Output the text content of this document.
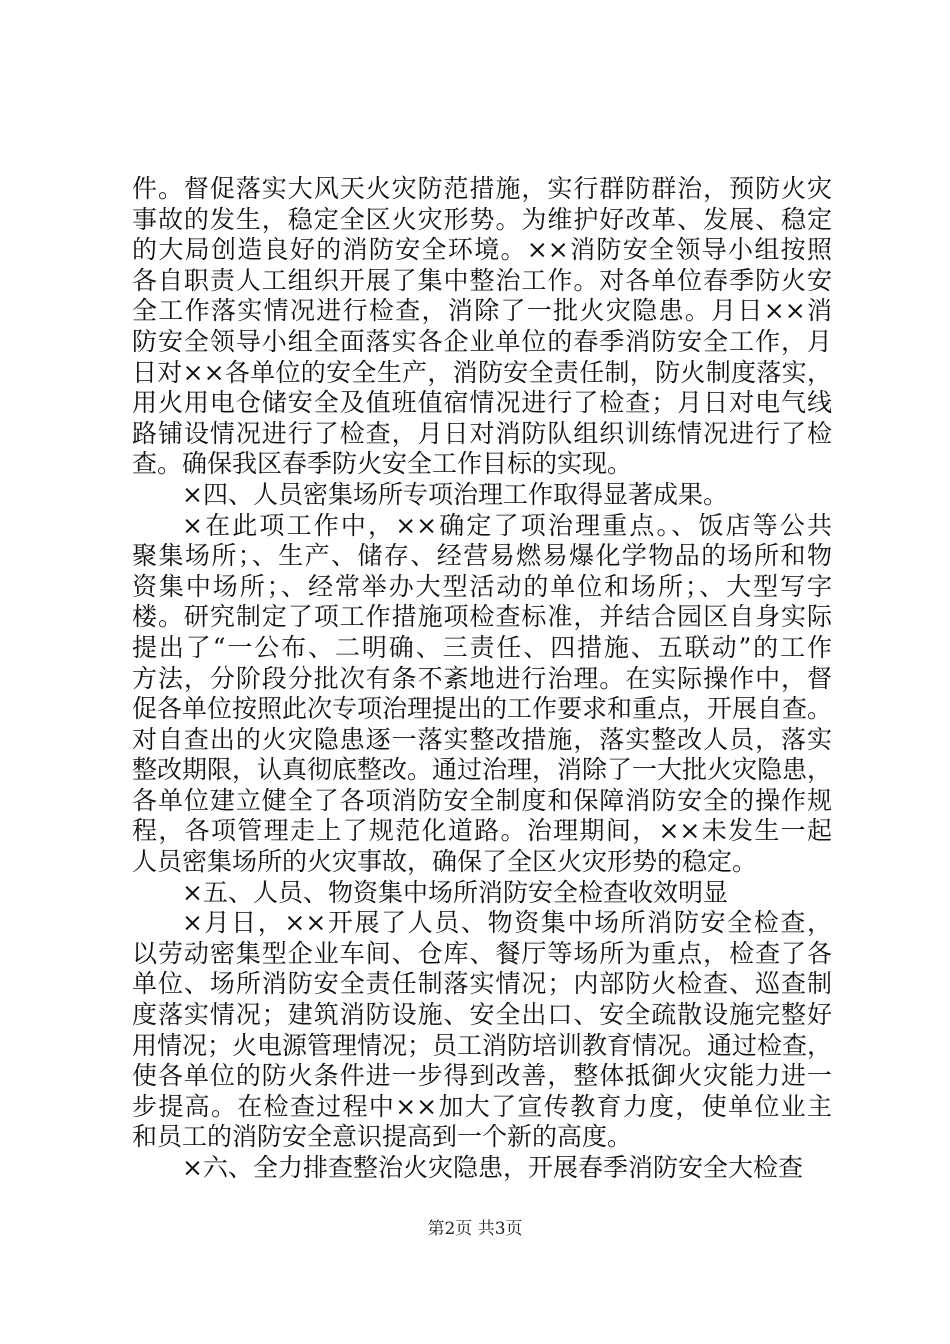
件。督促落实大风天火灾防范措施，实行群防群治，预防火灾
事故的发生，稳定全区火灾形势。为维护好改革、发展、稳定
的大局创造良好的消防安全环境。××消防安全领导小组按照
各自职责人工组织开展了集中整治工作。对各单位春季防火安
全工作落实情况进行检查，消除了一批火灾隐患。月日××消
防安全领导小组全面落实各企业单位的春季消防安全工作，月
日对××各单位的安全生产，消防安全责任制，防火制度落实，
用火用电仓储安全及值班值宿情况进行了检查；月日对电气线
路铺设情况进行了检查，月日对消防队组织训练情况进行了检
查。确保我区春季防火安全工作目标的实现。
×四、人员密集场所专项治理工作取得显著成果。
×在此项工作中，××确定了项治理重点。、饭店等公共
聚集场所；、生产、储存、经营易燃易爆化学物品的场所和物
资集中场所；、经常举办大型活动的单位和场所；、大型写字
楼。研究制定了项工作措施项检查标准，并结合园区自身实际
提出了“一公布、二明确、三责任、四措施、五联动”的工作
方法，分阶段分批次有条不紊地进行治理。在实际操作中，督
促各单位按照此次专项治理提出的工作要求和重点，开展自查。
对自查出的火灾隐患逐一落实整改措施，落实整改人员，落实
整改期限，认真彻底整改。通过治理，消除了一大批火灾隐患，
各单位建立健全了各项消防安全制度和保障消防安全的操作规
程，各项管理走上了规范化道路。治理期间，××未发生一起
人员密集场所的火灾事故，确保了全区火灾形势的稳定。
×五、人员、物资集中场所消防安全检查收效明显
×月日，××开展了人员、物资集中场所消防安全检查，
以劳动密集型企业车间、仓库、餐厅等场所为重点，检查了各
单位、场所消防安全责任制落实情况；内部防火检查、巡查制
度落实情况；建筑消防设施、安全出口、安全疏散设施完整好
用情况；火电源管理情况；员工消防培训教育情况。通过检查，
使各单位的防火条件进一步得到改善，整体抵御火灾能力进一
步提高。在检查过程中××加大了宣传教育力度，使单位业主
和员工的消防安全意识提高到一个新的高度。
×六、全力排查整治火灾隐患，开展春季消防安全大检查
第2页 共3页
